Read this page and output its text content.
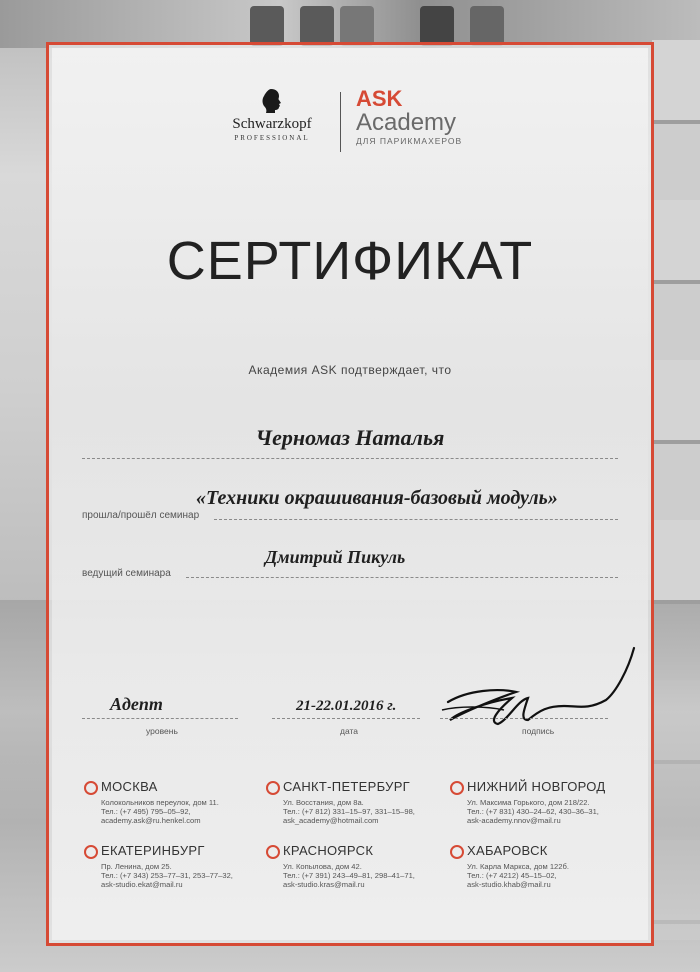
Schwarzkopf
PROFESSIONAL
ASK
Academy
ДЛЯ ПАРИКМАХЕРОВ
СЕРТИФИКАТ
Академия ASK подтверждает, что
Черномаз Наталья
«Техники окрашивания-базовый модуль»
прошла/прошёл семинар
Дмитрий Пикуль
ведущий семинара
Адепт
уровень
21-22.01.2016 г.
дата	подпись
МОСКВА
Колокольников переулок, дом 11.
Тел.: (+7 495) 795–05–92,
academy.ask@ru.henkel.com
САНКТ-ПЕТЕРБУРГ
Ул. Восстания, дом 8а.
Тел.: (+7 812) 331–15–97, 331–15–98,
ask_academy@hotmail.com
НИЖНИЙ НОВГОРОД
Ул. Максима Горького, дом 218/22.
Тел.: (+7 831) 430–24–62, 430–36–31,
ask-academy.nnov@mail.ru
ЕКАТЕРИНБУРГ
Пр. Ленина, дом 25.
Тел.: (+7 343) 253–77–31, 253–77–32,
ask-studio.ekat@mail.ru
КРАСНОЯРСК
Ул. Копылова, дом 42.
Тел.: (+7 391) 243–49–81, 298–41–71,
ask-studio.kras@mail.ru
ХАБАРОВСК
Ул. Карла Маркса, дом 122б.
Тел.: (+7 4212) 45–15–02,
ask-studio.khab@mail.ru
